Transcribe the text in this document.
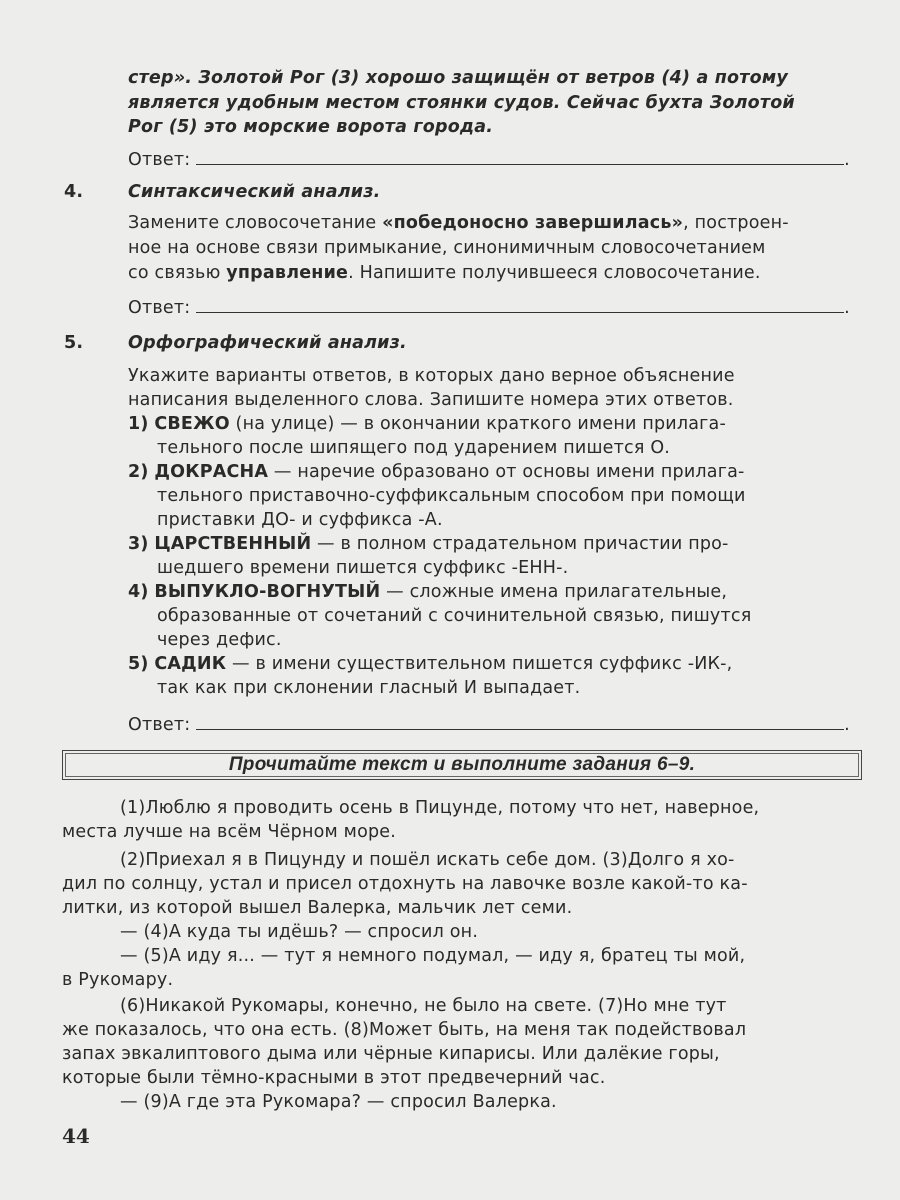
стер». Золотой Рог (3) хорошо защищён от ветров (4) а потому
является удобным местом стоянки судов. Сейчас бухта Золотой
Рог (5) это морские ворота города.
Ответ:	.
4.	Синтаксический анализ.
Замените словосочетание «победоносно завершилась», построен-
ное на основе связи примыкание, синонимичным словосочетанием
со связью управление. Напишите получившееся словосочетание.
Ответ:	.
5.	Орфографический анализ.
Укажите варианты ответов, в которых дано верное объяснение
написания выделенного слова. Запишите номера этих ответов.
1) СВЕЖО (на улице) — в окончании краткого имени прилага-
тельного после шипящего под ударением пишется О.
2) ДОКРАСНА — наречие образовано от основы имени прилага-
тельного приставочно-суффиксальным способом при помощи
приставки ДО- и суффикса -А.
3) ЦАРСТВЕННЫЙ — в полном страдательном причастии про-
шедшего времени пишется суффикс -ЕНН-.
4) ВЫПУКЛО-ВОГНУТЫЙ — сложные имена прилагательные,
образованные от сочетаний с сочинительной связью, пишутся
через дефис.
5) САДИК — в имени существительном пишется суффикс -ИК-,
так как при склонении гласный И выпадает.
Ответ:	.
Прочитайте текст и выполните задания 6–9.
(1)Люблю я проводить осень в Пицунде, потому что нет, наверное,
места лучше на всём Чёрном море.
(2)Приехал я в Пицунду и пошёл искать себе дом. (3)Долго я хо-
дил по солнцу, устал и присел отдохнуть на лавочке возле какой-то ка-
литки, из которой вышел Валерка, мальчик лет семи.
— (4)А куда ты идёшь? — спросил он.
— (5)А иду я... — тут я немного подумал, — иду я, братец ты мой,
в Рукомару.
(6)Никакой Рукомары, конечно, не было на свете. (7)Но мне тут
же показалось, что она есть. (8)Может быть, на меня так подействовал
запах эвкалиптового дыма или чёрные кипарисы. Или далёкие горы,
которые были тёмно-красными в этот предвечерний час.
— (9)А где эта Рукомара? — спросил Валерка.
44
